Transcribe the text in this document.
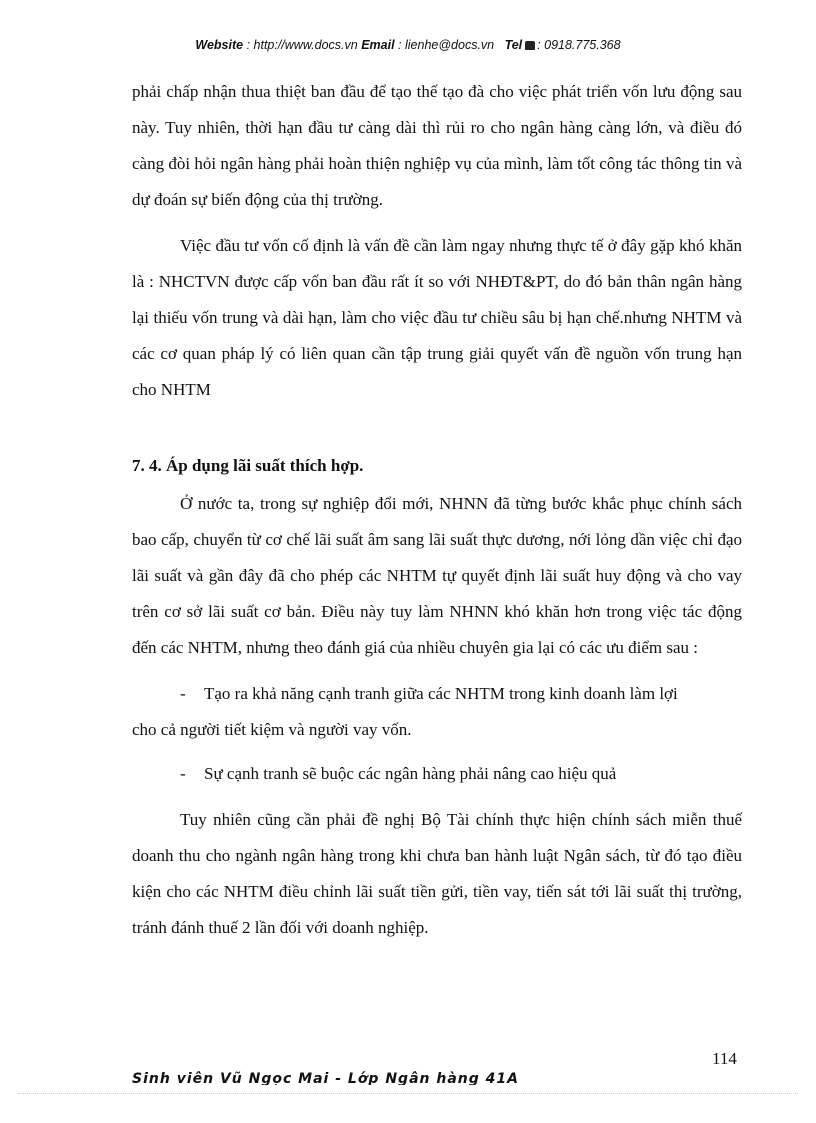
Website : http://www.docs.vn Email : lienhe@docs.vn Tel : 0918.775.368

phải chấp nhận thua thiệt ban đầu để tạo thế tạo đà cho việc phát triển vốn lưu động sau này. Tuy nhiên, thời hạn đầu tư càng dài thì rủi ro cho ngân hàng càng lớn, và điều đó càng đòi hỏi ngân hàng phải hoàn thiện nghiệp vụ của mình, làm tốt công tác thông tin và dự đoán sự biến động của thị trường.

Việc đầu tư vốn cố định là vấn đề cần làm ngay nhưng thực tế ở đây gặp khó khăn là : NHCTVN được cấp vốn ban đầu rất ít so với NHĐT&PT, do đó bản thân ngân hàng lại thiếu vốn trung và dài hạn, làm cho việc đầu tư chiều sâu bị hạn chế.nhưng NHTM và các cơ quan pháp lý có liên quan cần tập trung giải quyết vấn đề nguồn vốn trung hạn cho NHTM

7. 4. Áp dụng lãi suất thích hợp.

Ở nước ta, trong sự nghiệp đổi mới, NHNN đã từng bước khắc phục chính sách bao cấp, chuyển từ cơ chế lãi suất âm sang lãi suất thực dương, nới lỏng dần việc chỉ đạo lãi suất và gần đây đã cho phép các NHTM tự quyết định lãi suất huy động và cho vay trên cơ sở lãi suất cơ bản. Điều này tuy làm NHNN khó khăn hơn trong việc tác động đến các NHTM, nhưng theo đánh giá của nhiều chuyên gia lại có các ưu điểm sau :

- Tạo ra khả năng cạnh tranh giữa các NHTM trong kinh doanh làm lợi
cho cả người tiết kiệm và người vay vốn.
- Sự cạnh tranh sẽ buộc các ngân hàng phải nâng cao hiệu quả

Tuy nhiên cũng cần phải đề nghị Bộ Tài chính thực hiện chính sách miễn thuế doanh thu cho ngành ngân hàng trong khi chưa ban hành luật Ngân sách, từ đó tạo điều kiện cho các NHTM điều chỉnh lãi suất tiền gửi, tiền vay, tiến sát tới lãi suất thị trường, tránh đánh thuế 2 lần đối với doanh nghiệp.

114
Sinh viên Vũ Ngọc Mai - Lớp Ngân hàng 41A
